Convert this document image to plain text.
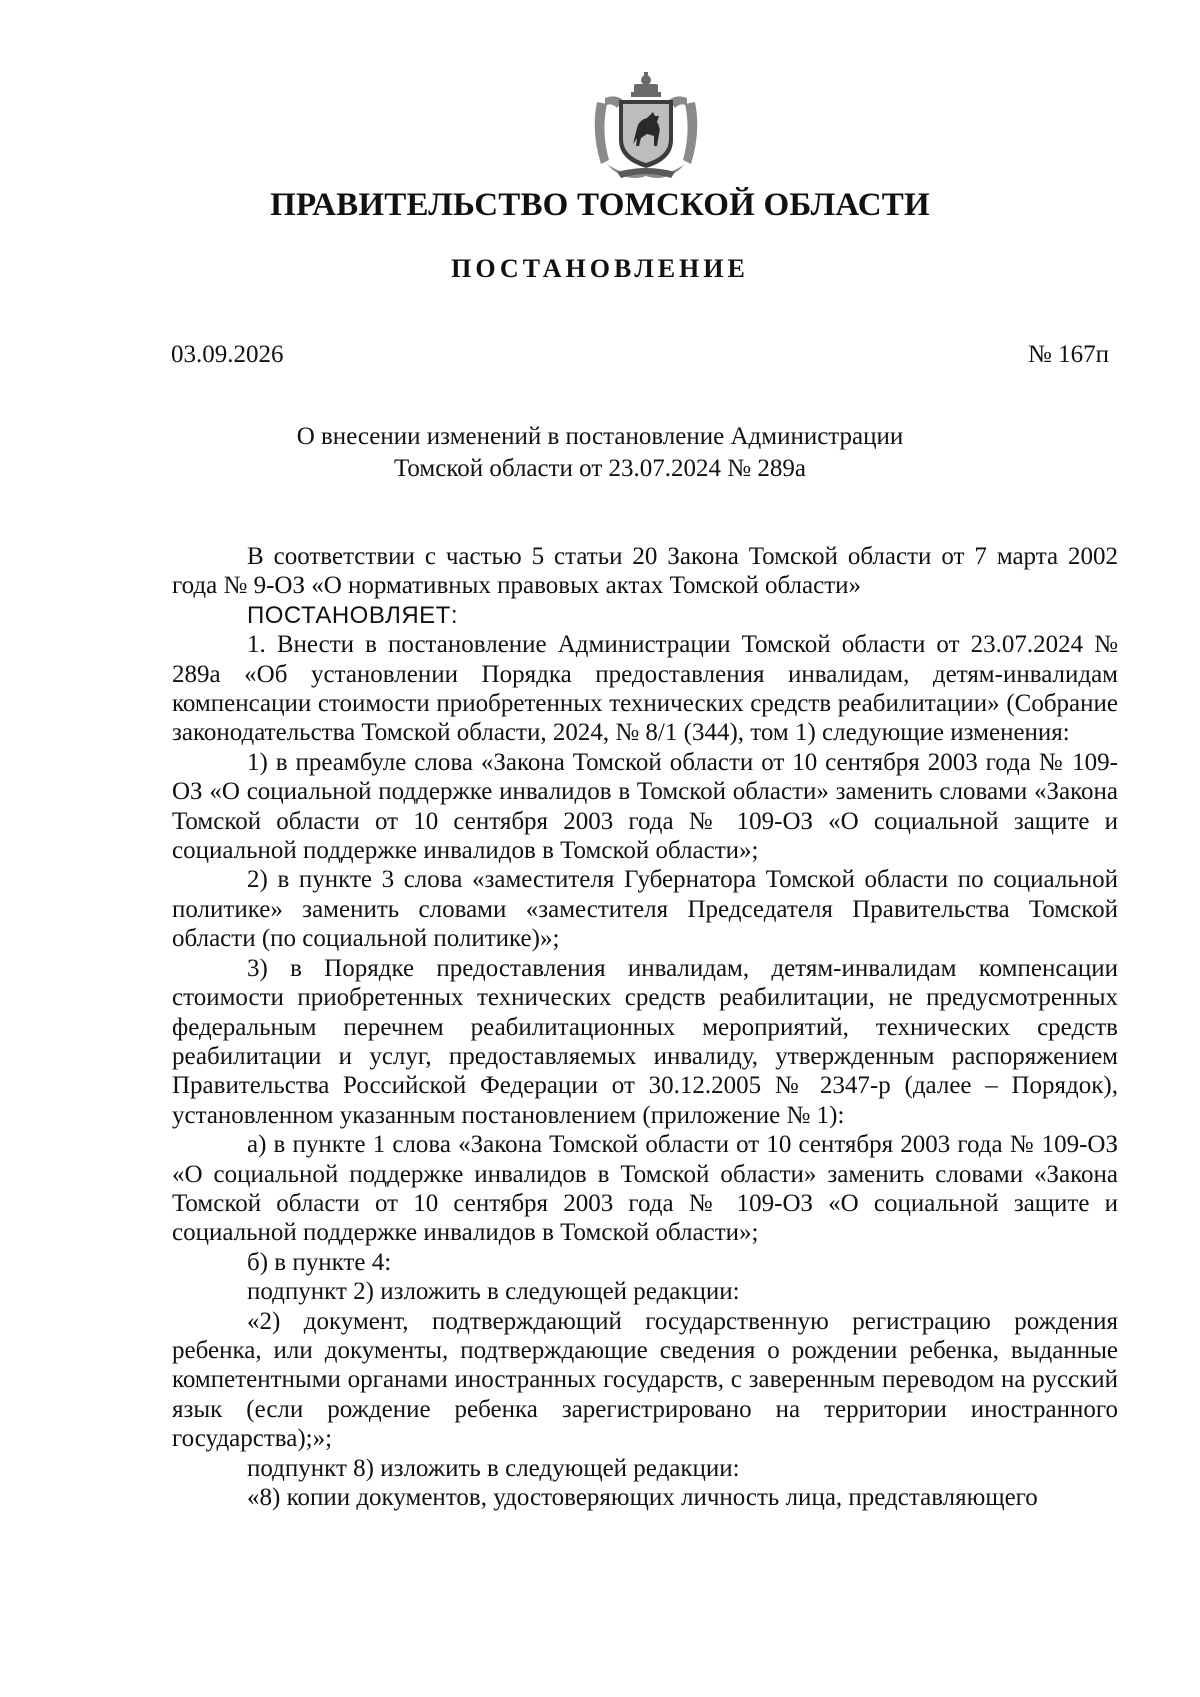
ПРАВИТЕЛЬСТВО ТОМСКОЙ ОБЛАСТИ
ПОСТАНОВЛЕНИЕ
03.09.2026	№ 167п
О внесении изменений в постановление Администрации
Томской области от 23.07.2024 № 289а

В соответствии с частью 5 статьи 20 Закона Томской области от 7 марта 2002 года № 9-ОЗ «О нормативных правовых актах Томской области»

ПОСТАНОВЛЯЕТ:

1. Внести в постановление Администрации Томской области от 23.07.2024 № 289а «Об установлении Порядка предоставления инвалидам, детям-инвалидам компенсации стоимости приобретенных технических средств реабилитации» (Собрание законодательства Томской области, 2024, № 8/1 (344), том 1) следующие изменения:

1) в преамбуле слова «Закона Томской области от 10 сентября 2003 года № 109-ОЗ «О социальной поддержке инвалидов в Томской области» заменить словами «Закона Томской области от 10 сентября 2003 года № 109-ОЗ «О социальной защите и социальной поддержке инвалидов в Томской области»;

2) в пункте 3 слова «заместителя Губернатора Томской области по социальной политике» заменить словами «заместителя Председателя Правительства Томской области (по социальной политике)»;

3) в Порядке предоставления инвалидам, детям-инвалидам компенсации стоимости приобретенных технических средств реабилитации, не предусмотренных федеральным перечнем реабилитационных мероприятий, технических средств реабилитации и услуг, предоставляемых инвалиду, утвержденным распоряжением Правительства Российской Федерации от 30.12.2005 № 2347-р (далее – Порядок), установленном указанным постановлением (приложение № 1):

а) в пункте 1 слова «Закона Томской области от 10 сентября 2003 года № 109-ОЗ «О социальной поддержке инвалидов в Томской области» заменить словами «Закона Томской области от 10 сентября 2003 года № 109-ОЗ «О социальной защите и социальной поддержке инвалидов в Томской области»;

б) в пункте 4:

подпункт 2) изложить в следующей редакции:

«2) документ, подтверждающий государственную регистрацию рождения ребенка, или документы, подтверждающие сведения о рождении ребенка, выданные компетентными органами иностранных государств, с заверенным переводом на русский язык (если рождение ребенка зарегистрировано на территории иностранного государства);»;

подпункт 8) изложить в следующей редакции:

«8) копии документов, удостоверяющих личность лица, представляющего
